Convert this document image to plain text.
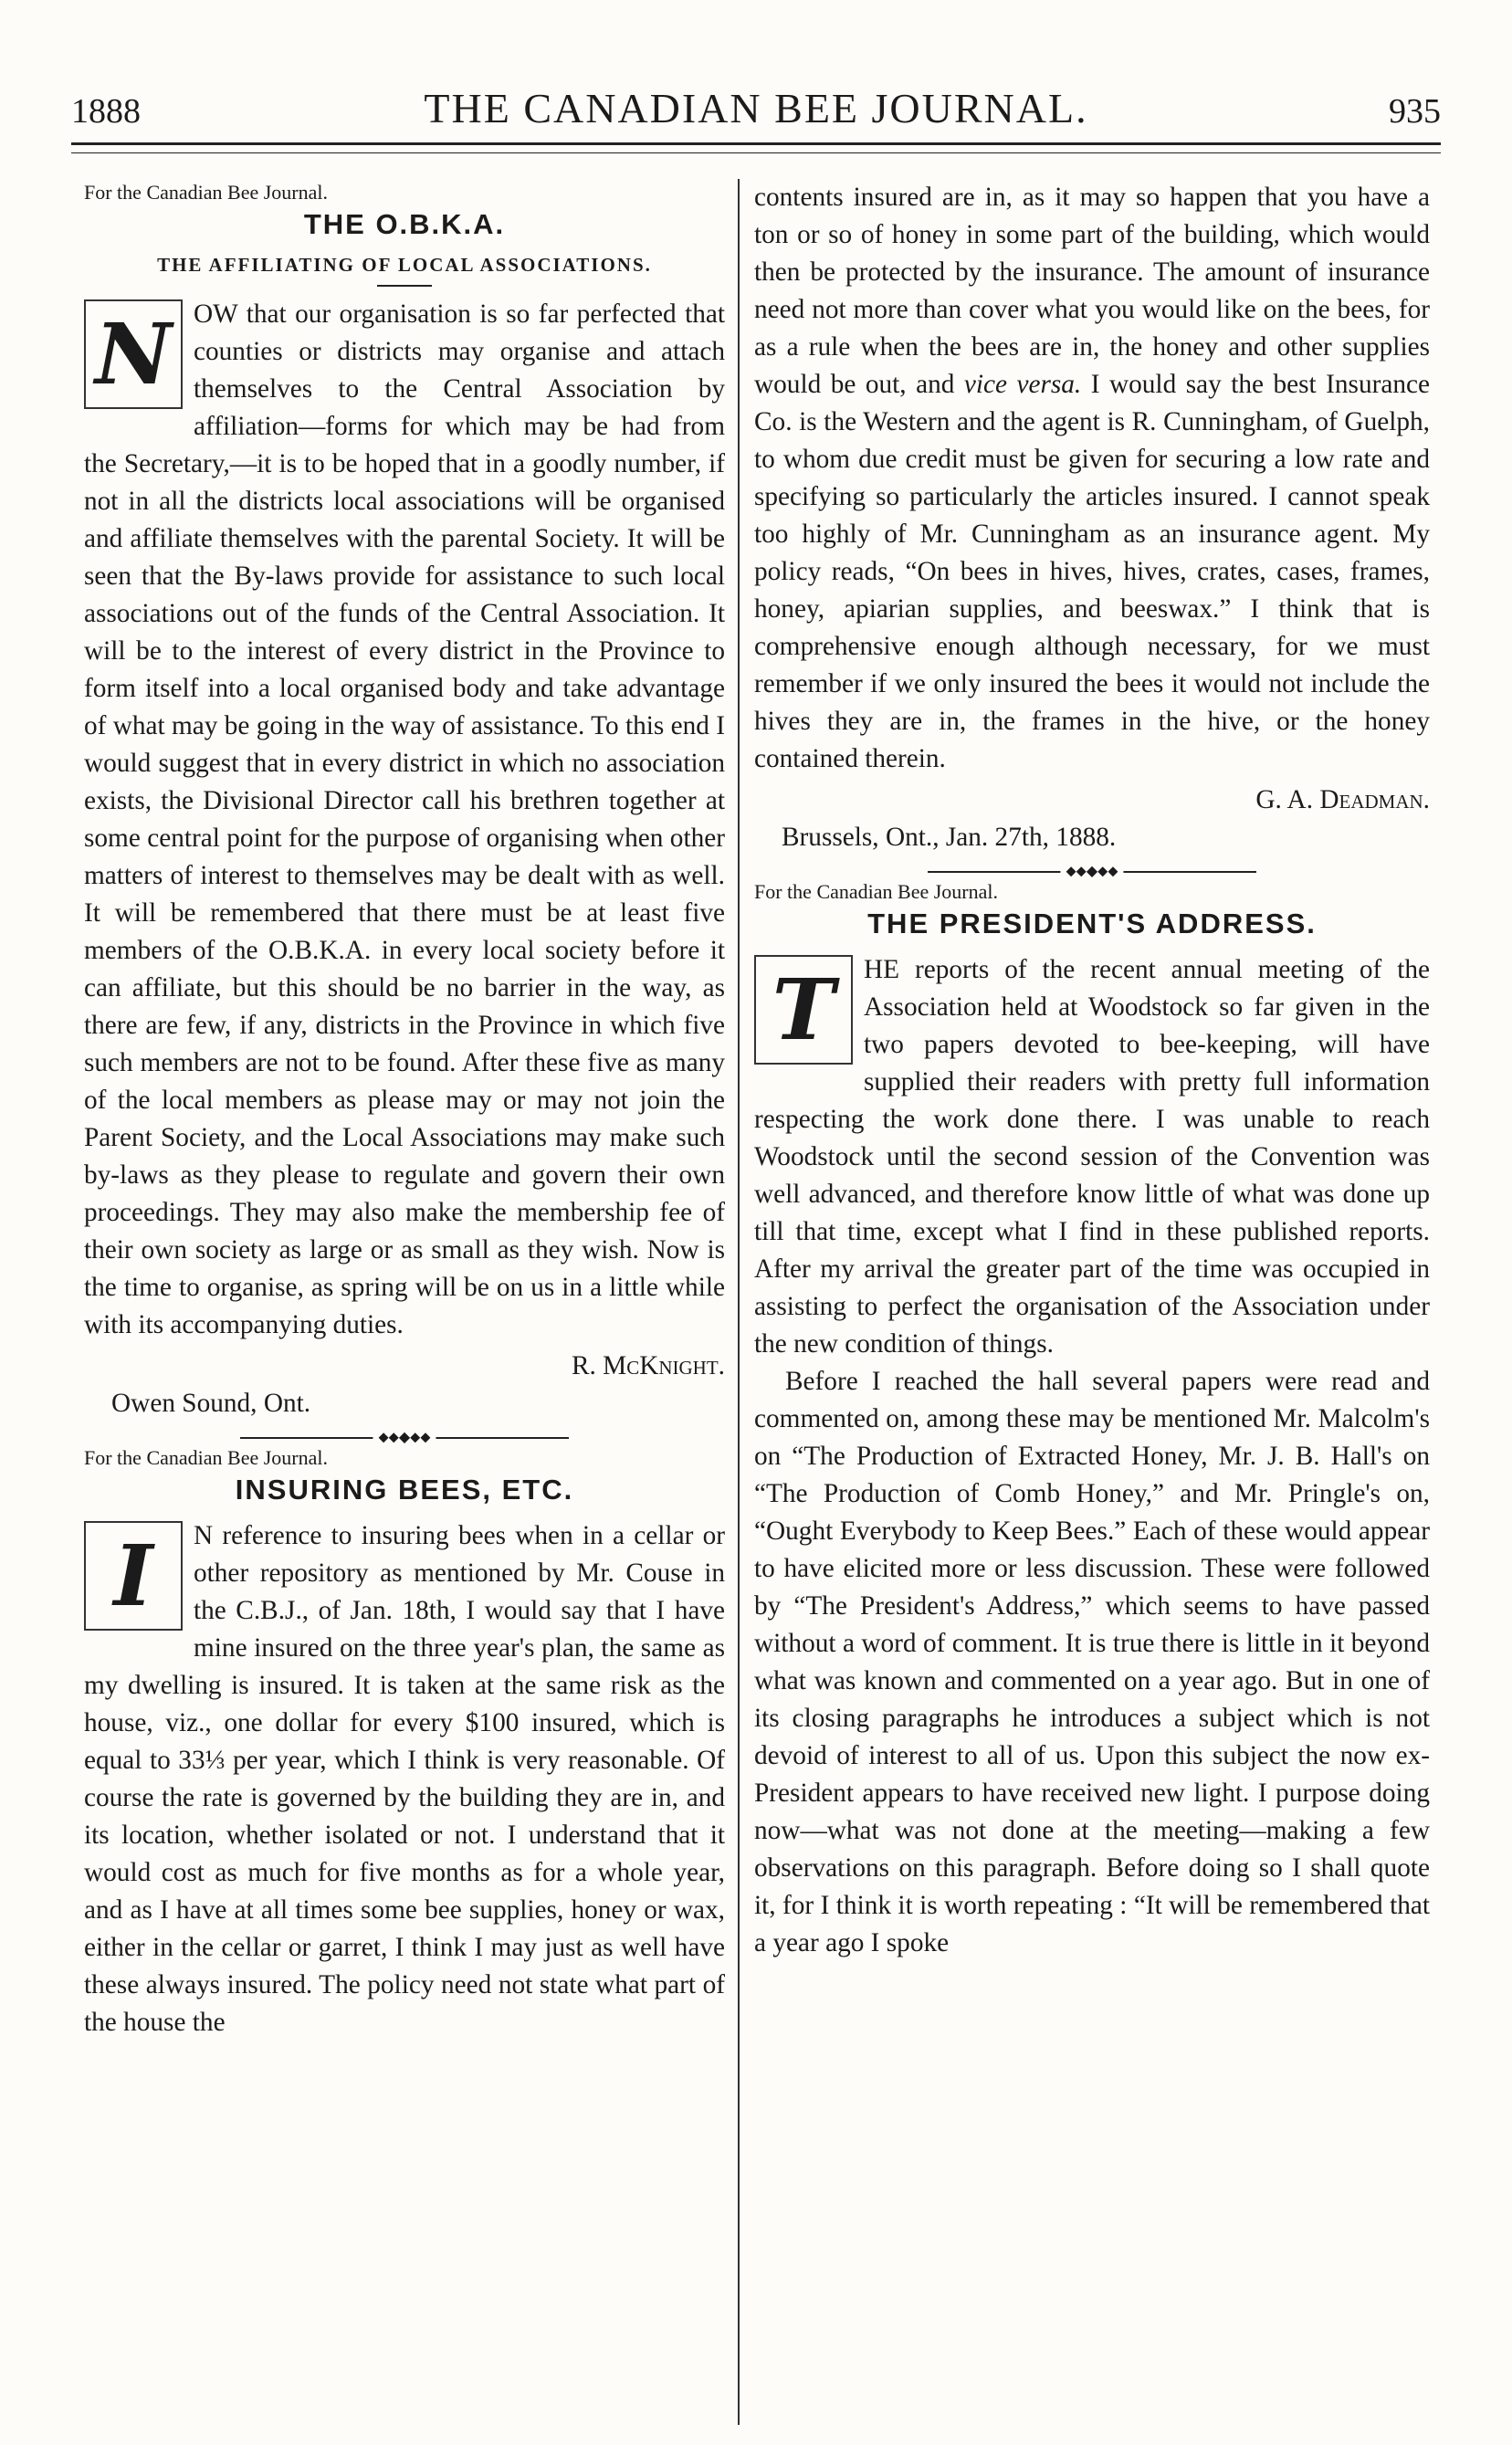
1888	THE CANADIAN BEE JOURNAL.	935

For the Canadian Bee Journal.

THE O.B.K.A.
THE AFFILIATING OF LOCAL ASSOCIATIONS.
N OW that our organisation is so far perfected that counties or districts may organise and attach themselves to the Central Association by affiliation—forms for which may be had from the Secretary,—it is to be hoped that in a goodly number, if not in all the districts local associations will be organised and affiliate themselves with the parental Society. It will be seen that the By-laws provide for assistance to such local associations out of the funds of the Central Association. It will be to the interest of every district in the Province to form itself into a local organised body and take advantage of what may be going in the way of assistance. To this end I would suggest that in every district in which no association exists, the Divisional Director call his brethren together at some central point for the purpose of organising when other matters of interest to themselves may be dealt with as well. It will be remembered that there must be at least five members of the O.B.K.A. in every local society before it can affiliate, but this should be no barrier in the way, as there are few, if any, districts in the Province in which five such members are not to be found. After these five as many of the local members as please may or may not join the Parent Society, and the Local Associations may make such by-laws as they please to regulate and govern their own proceedings. They may also make the membership fee of their own society as large or as small as they wish. Now is the time to organise, as spring will be on us in a little while with its accompanying duties.

R. McKnight.

Owen Sound, Ont.

⬥⬥◆⬥⬥

For the Canadian Bee Journal.

INSURING BEES, ETC.
I	N reference to insuring bees when in a cellar or other repository as mentioned by Mr. Couse in the C.B.J., of Jan. 18th, I would say that I have mine insured on the three year's plan, the same as my dwelling is insured. It is taken at the same risk as the house, viz., one dollar for every $100 insured, which is equal to 33⅓ per year, which I think is very reasonable. Of course the rate is governed by the building they are in, and its location, whether isolated or not. I understand that it would cost as much for five months as for a whole year, and as I have at all times some bee supplies, honey or wax, either in the cellar or garret, I think I may just as well have these always insured. The policy need not state what part of the house the

contents insured are in, as it may so happen that you have a ton or so of honey in some part of the building, which would then be protected by the insurance. The amount of insurance need not more than cover what you would like on the bees, for as a rule when the bees are in, the honey and other supplies would be out, and vice versa. I would say the best Insurance Co. is the Western and the agent is R. Cunningham, of Guelph, to whom due credit must be given for securing a low rate and specifying so particularly the articles insured. I cannot speak too highly of Mr. Cunningham as an insurance agent. My policy reads, “On bees in hives, hives, crates, cases, frames, honey, apiarian supplies, and beeswax.” I think that is comprehensive enough although necessary, for we must remember if we only insured the bees it would not include the hives they are in, the frames in the hive, or the honey contained therein.

G. A. Deadman.

Brussels, Ont., Jan. 27th, 1888.

⬥⬥◆⬥⬥

For the Canadian Bee Journal.

THE PRESIDENT'S ADDRESS.
T	HE reports of the recent annual meeting of the Association held at Woodstock so far given in the two papers devoted to bee-keeping, will have supplied their readers with pretty full information respecting the work done there. I was unable to reach Woodstock until the second session of the Convention was well advanced, and therefore know little of what was done up till that time, except what I find in these published reports. After my arrival the greater part of the time was occupied in assisting to perfect the organisation of the Association under the new condition of things.

Before I reached the hall several papers were read and commented on, among these may be mentioned Mr. Malcolm's on “The Production of Extracted Honey, Mr. J. B. Hall's on “The Production of Comb Honey,” and Mr. Pringle's on, “Ought Everybody to Keep Bees.” Each of these would appear to have elicited more or less discussion. These were followed by “The President's Address,” which seems to have passed without a word of comment. It is true there is little in it beyond what was known and commented on a year ago. But in one of its closing paragraphs he introduces a subject which is not devoid of interest to all of us. Upon this subject the now ex-President appears to have received new light. I purpose doing now—what was not done at the meeting—making a few observations on this paragraph. Before doing so I shall quote it, for I think it is worth repeating : “It will be remembered that a year ago I spoke
